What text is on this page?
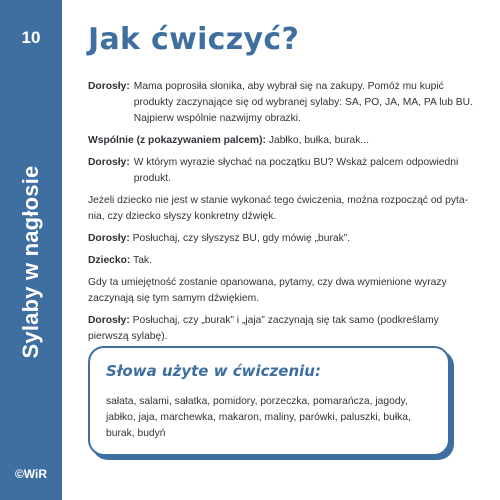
10
Sylaby w nagłosie
©WiR
Jak ćwiczyć?
Dorosły: Mama poprosiła słonika, aby wybrał się na zakupy. Pomóż mu kupić produkty zaczynające się od wybranej sylaby: SA, PO, JA, MA, PA lub BU. Najpierw wspólnie nazwijmy obrazki.
Wspólnie (z pokazywaniem palcem): Jabłko, bułka, burak...
Dorosły: W którym wyrazie słychać na początku BU? Wskaż palcem odpowiedni produkt.

Jeżeli dziecko nie jest w stanie wykonać tego ćwiczenia, można rozpocząć od pyta-nia, czy dziecko słyszy konkretny dźwięk.

Dorosły: Posłuchaj, czy słyszysz BU, gdy mówię „burak”.
Dziecko: Tak.

Gdy ta umiejętność zostanie opanowana, pytamy, czy dwa wymienione wyrazy zaczynają się tym samym dźwiękiem.

Dorosły: Posłuchaj, czy „burak” i „jaja” zaczynają się tak samo (podkreślamy pierwszą sylabę).
Słowa użyte w ćwiczeniu:
sałata, salami, sałatka, pomidory, porzeczka, pomarańcza, jagody, jabłko, jaja, marchewka, makaron, maliny, parówki, paluszki, bułka, burak, budyń
